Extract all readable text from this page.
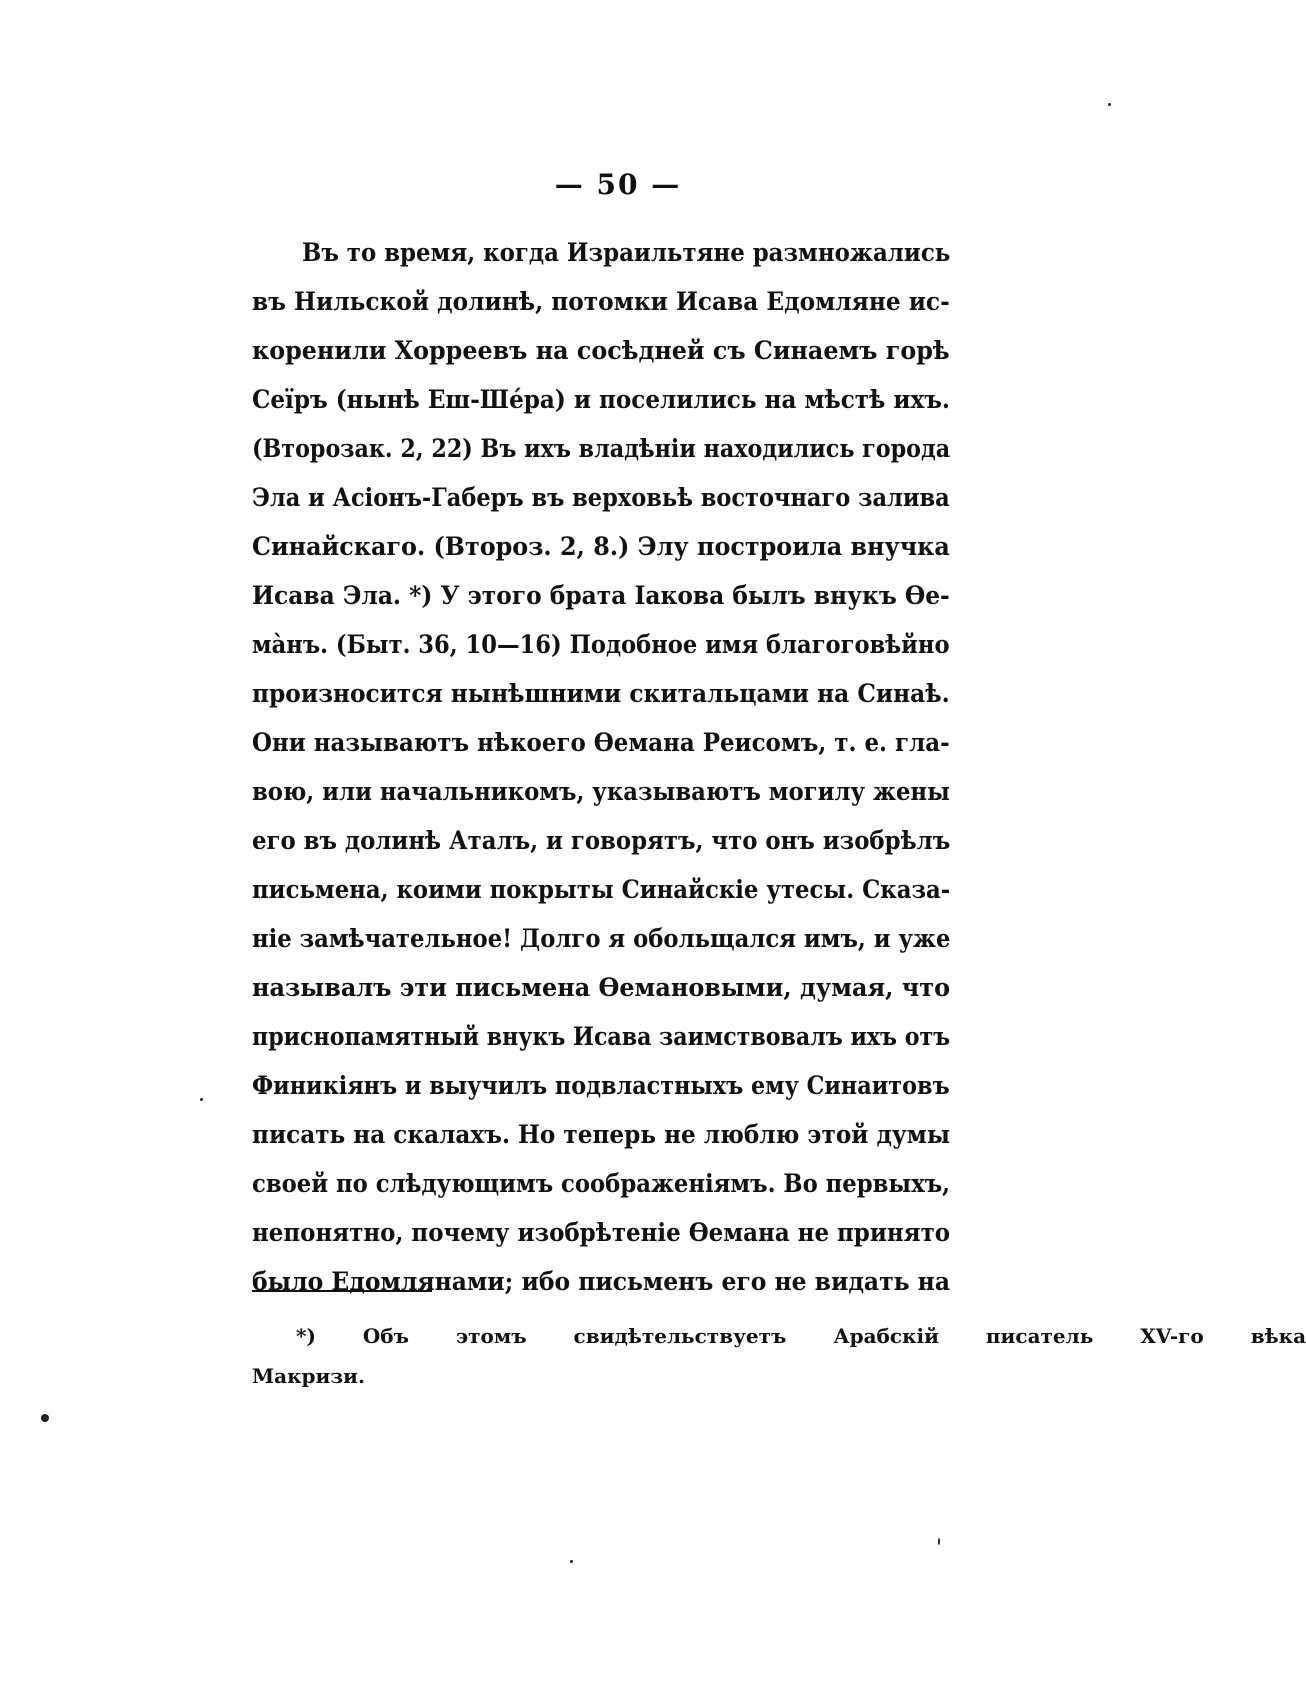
— 50 —
Въ то время, когда Израильтяне размножались
въ Нильской долинѣ, потомки Исава Едомляне ис-
коренили Хорреевъ на сосѣдней съ Синаемъ горѣ
Сеїръ (нынѣ Еш-Шéра) и поселились на мѣстѣ ихъ.
(Второзак. 2, 22) Въ ихъ владѣнiи находились города
Эла и Асiонъ-Габеръ въ верховьѣ восточнаго залива
Синайскаго. (Второз. 2, 8.) Элу построила внучка
Исава Эла. *) У этого брата Iакова былъ внукъ Ѳе-
мàнъ. (Быт. 36, 10—16) Подобное имя благоговѣйно
произносится нынѣшними скитальцами на Синаѣ.
Они называютъ нѣкоего Ѳемана Реисомъ, т. е. гла-
вою, или начальникомъ, указываютъ могилу жены
его въ долинѣ Аталъ, и говорятъ, что онъ изобрѣлъ
письмена, коими покрыты Синайскiе утесы. Сказа-
нiе замѣчательное! Долго я обольщался имъ, и уже
называлъ эти письмена Ѳемановыми, думая, что
приснопамятный внукъ Исава заимствовалъ ихъ отъ
Финикiянъ и выучилъ подвластныхъ ему Синаитовъ
писать на скалахъ. Но теперь не люблю этой думы
своей по слѣдующимъ соображенiямъ. Во первыхъ,
непонятно, почему изобрѣтенiе Ѳемана не принято
было Едомлянами; ибо письменъ его не видать на
*) Объ этомъ свидѣтельствуетъ Арабскiй писатель XV-го вѣка
Макризи.
